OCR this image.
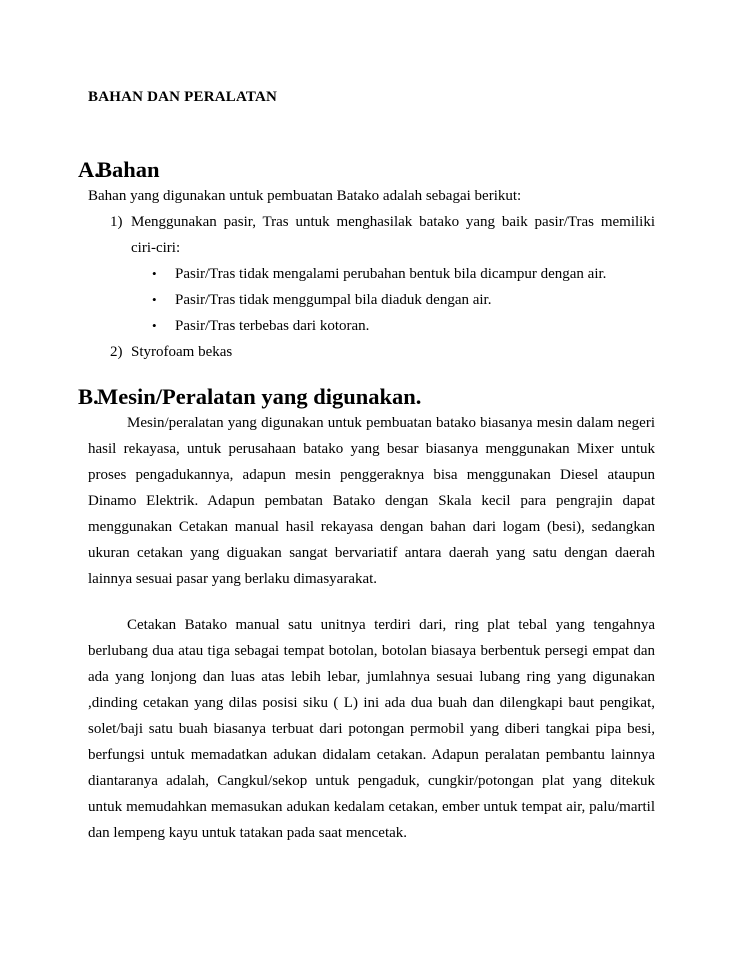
BAHAN DAN PERALATAN
A.Bahan

Bahan yang digunakan untuk pembuatan Batako adalah sebagai berikut:

1) Menggunakan pasir, Tras untuk menghasilak batako yang baik pasir/Tras memiliki ciri-ciri:
• Pasir/Tras tidak mengalami perubahan bentuk bila dicampur dengan air.
• Pasir/Tras tidak menggumpal bila diaduk dengan air.
• Pasir/Tras terbebas dari kotoran.
2) Styrofoam bekas
B.Mesin/Peralatan yang digunakan.

Mesin/peralatan yang digunakan untuk pembuatan batako biasanya mesin dalam negeri hasil rekayasa, untuk perusahaan batako yang besar biasanya menggunakan Mixer untuk proses pengadukannya, adapun mesin penggeraknya bisa menggunakan Diesel ataupun Dinamo Elektrik. Adapun pembatan Batako dengan Skala kecil para pengrajin dapat menggunakan Cetakan manual hasil rekayasa dengan bahan dari logam (besi), sedangkan ukuran cetakan yang diguakan sangat bervariatif antara daerah yang satu dengan daerah lainnya sesuai pasar yang berlaku dimasyarakat.

Cetakan Batako manual satu unitnya terdiri dari, ring plat tebal yang tengahnya berlubang dua atau tiga sebagai tempat botolan, botolan biasaya berbentuk persegi empat dan ada yang lonjong dan luas atas lebih lebar, jumlahnya sesuai lubang ring yang digunakan ,dinding cetakan yang dilas posisi siku ( L) ini ada dua buah dan dilengkapi baut pengikat, solet/baji satu buah biasanya terbuat dari potongan permobil yang diberi tangkai pipa besi, berfungsi untuk memadatkan adukan didalam cetakan. Adapun peralatan pembantu lainnya diantaranya adalah, Cangkul/sekop untuk pengaduk, cungkir/potongan plat yang ditekuk untuk memudahkan memasukan adukan kedalam cetakan, ember untuk tempat air, palu/martil dan lempeng kayu untuk tatakan pada saat mencetak.
